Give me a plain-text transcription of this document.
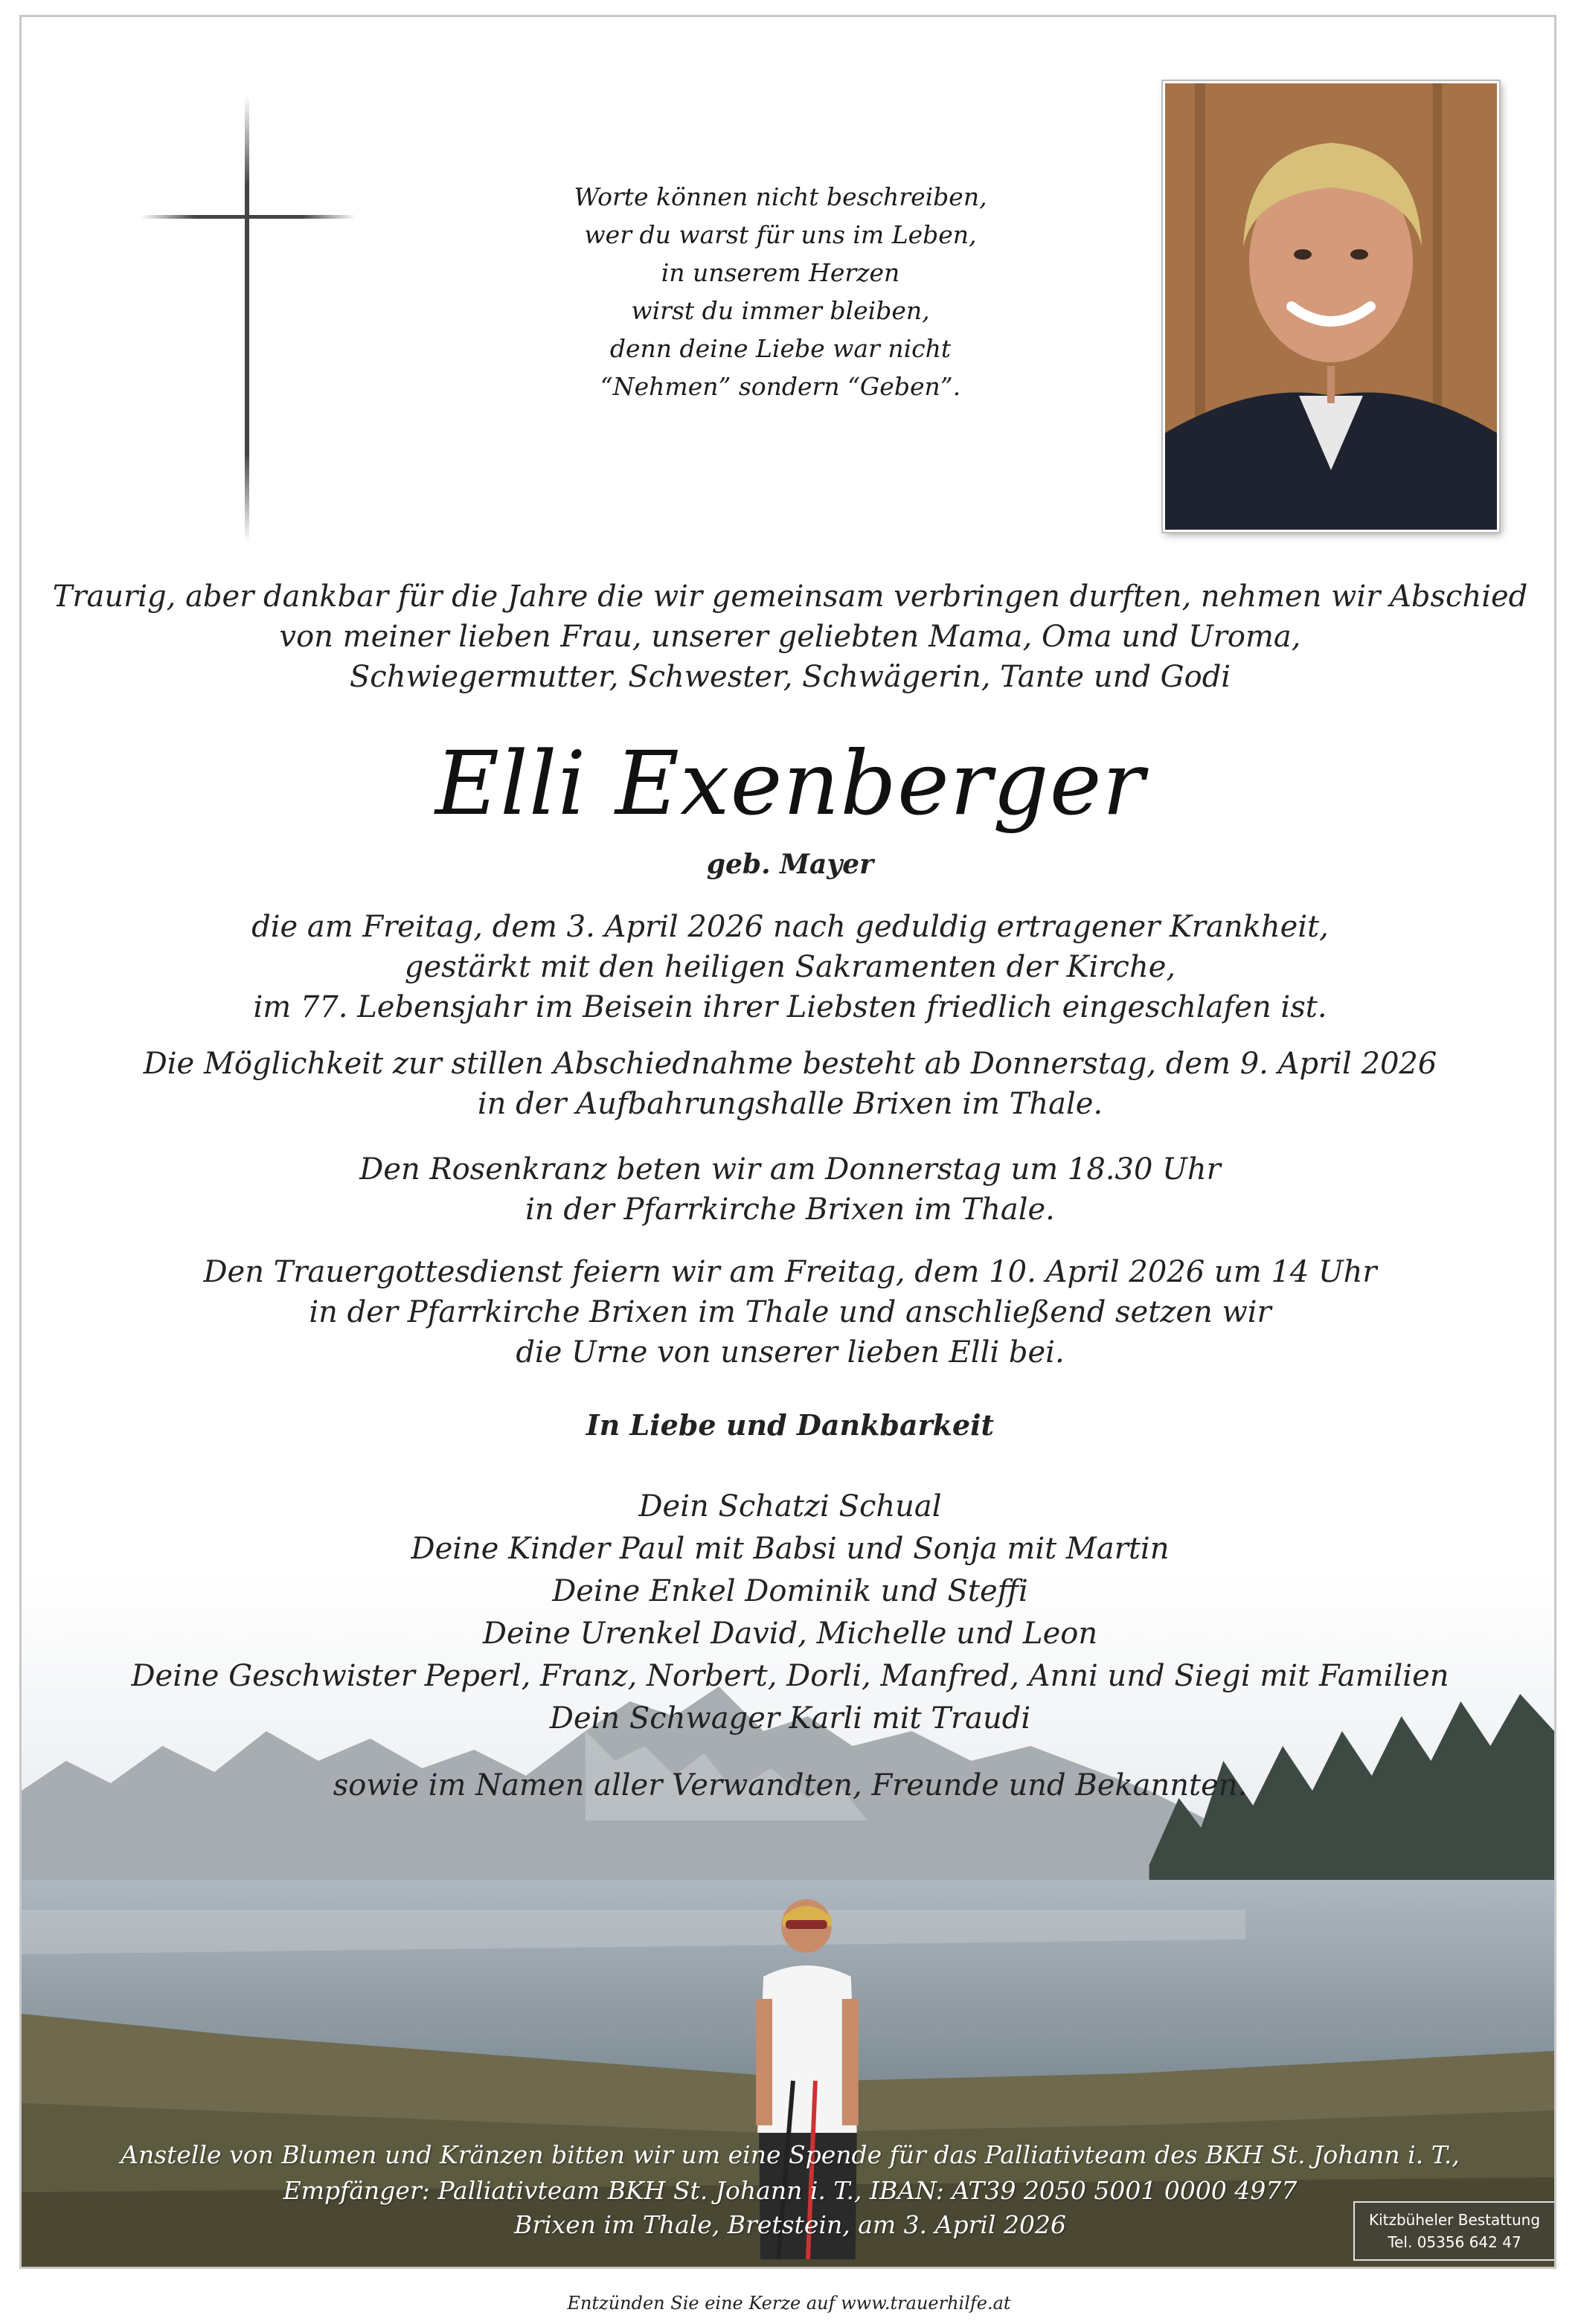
Worte können nicht beschreiben,
wer du warst für uns im Leben,
in unserem Herzen
wirst du immer bleiben,
denn deine Liebe war nicht
“Nehmen” sondern “Geben”.
Traurig, aber dankbar für die Jahre die wir gemeinsam verbringen durften, nehmen wir Abschied
von meiner lieben Frau, unserer geliebten Mama, Oma und Uroma,
Schwiegermutter, Schwester, Schwägerin, Tante und Godi
Elli Exenberger
geb. Mayer
die am Freitag, dem 3. April 2026 nach geduldig ertragener Krankheit,
gestärkt mit den heiligen Sakramenten der Kirche,
im 77. Lebensjahr im Beisein ihrer Liebsten friedlich eingeschlafen ist.
Die Möglichkeit zur stillen Abschiednahme besteht ab Donnerstag, dem 9. April 2026
in der Aufbahrungshalle Brixen im Thale.
Den Rosenkranz beten wir am Donnerstag um 18.30 Uhr
in der Pfarrkirche Brixen im Thale.
Den Trauergottesdienst feiern wir am Freitag, dem 10. April 2026 um 14 Uhr
in der Pfarrkirche Brixen im Thale und anschließend setzen wir
die Urne von unserer lieben Elli bei.
In Liebe und Dankbarkeit
Dein Schatzi Schual
Deine Kinder Paul mit Babsi und Sonja mit Martin
Deine Enkel Dominik und Steffi
Deine Urenkel David, Michelle und Leon
Deine Geschwister Peperl, Franz, Norbert, Dorli, Manfred, Anni und Siegi mit Familien
Dein Schwager Karli mit Traudi
sowie im Namen aller Verwandten, Freunde und Bekannten.
Anstelle von Blumen und Kränzen bitten wir um eine Spende für das Palliativteam des BKH St. Johann i. T.,
Empfänger: Palliativteam BKH St. Johann i. T., IBAN: AT39 2050 5001 0000 4977
Brixen im Thale, Bretstein, am 3. April 2026	Kitzbüheler Bestattung
Tel. 05356 642 47
Entzünden Sie eine Kerze auf www.trauerhilfe.at
